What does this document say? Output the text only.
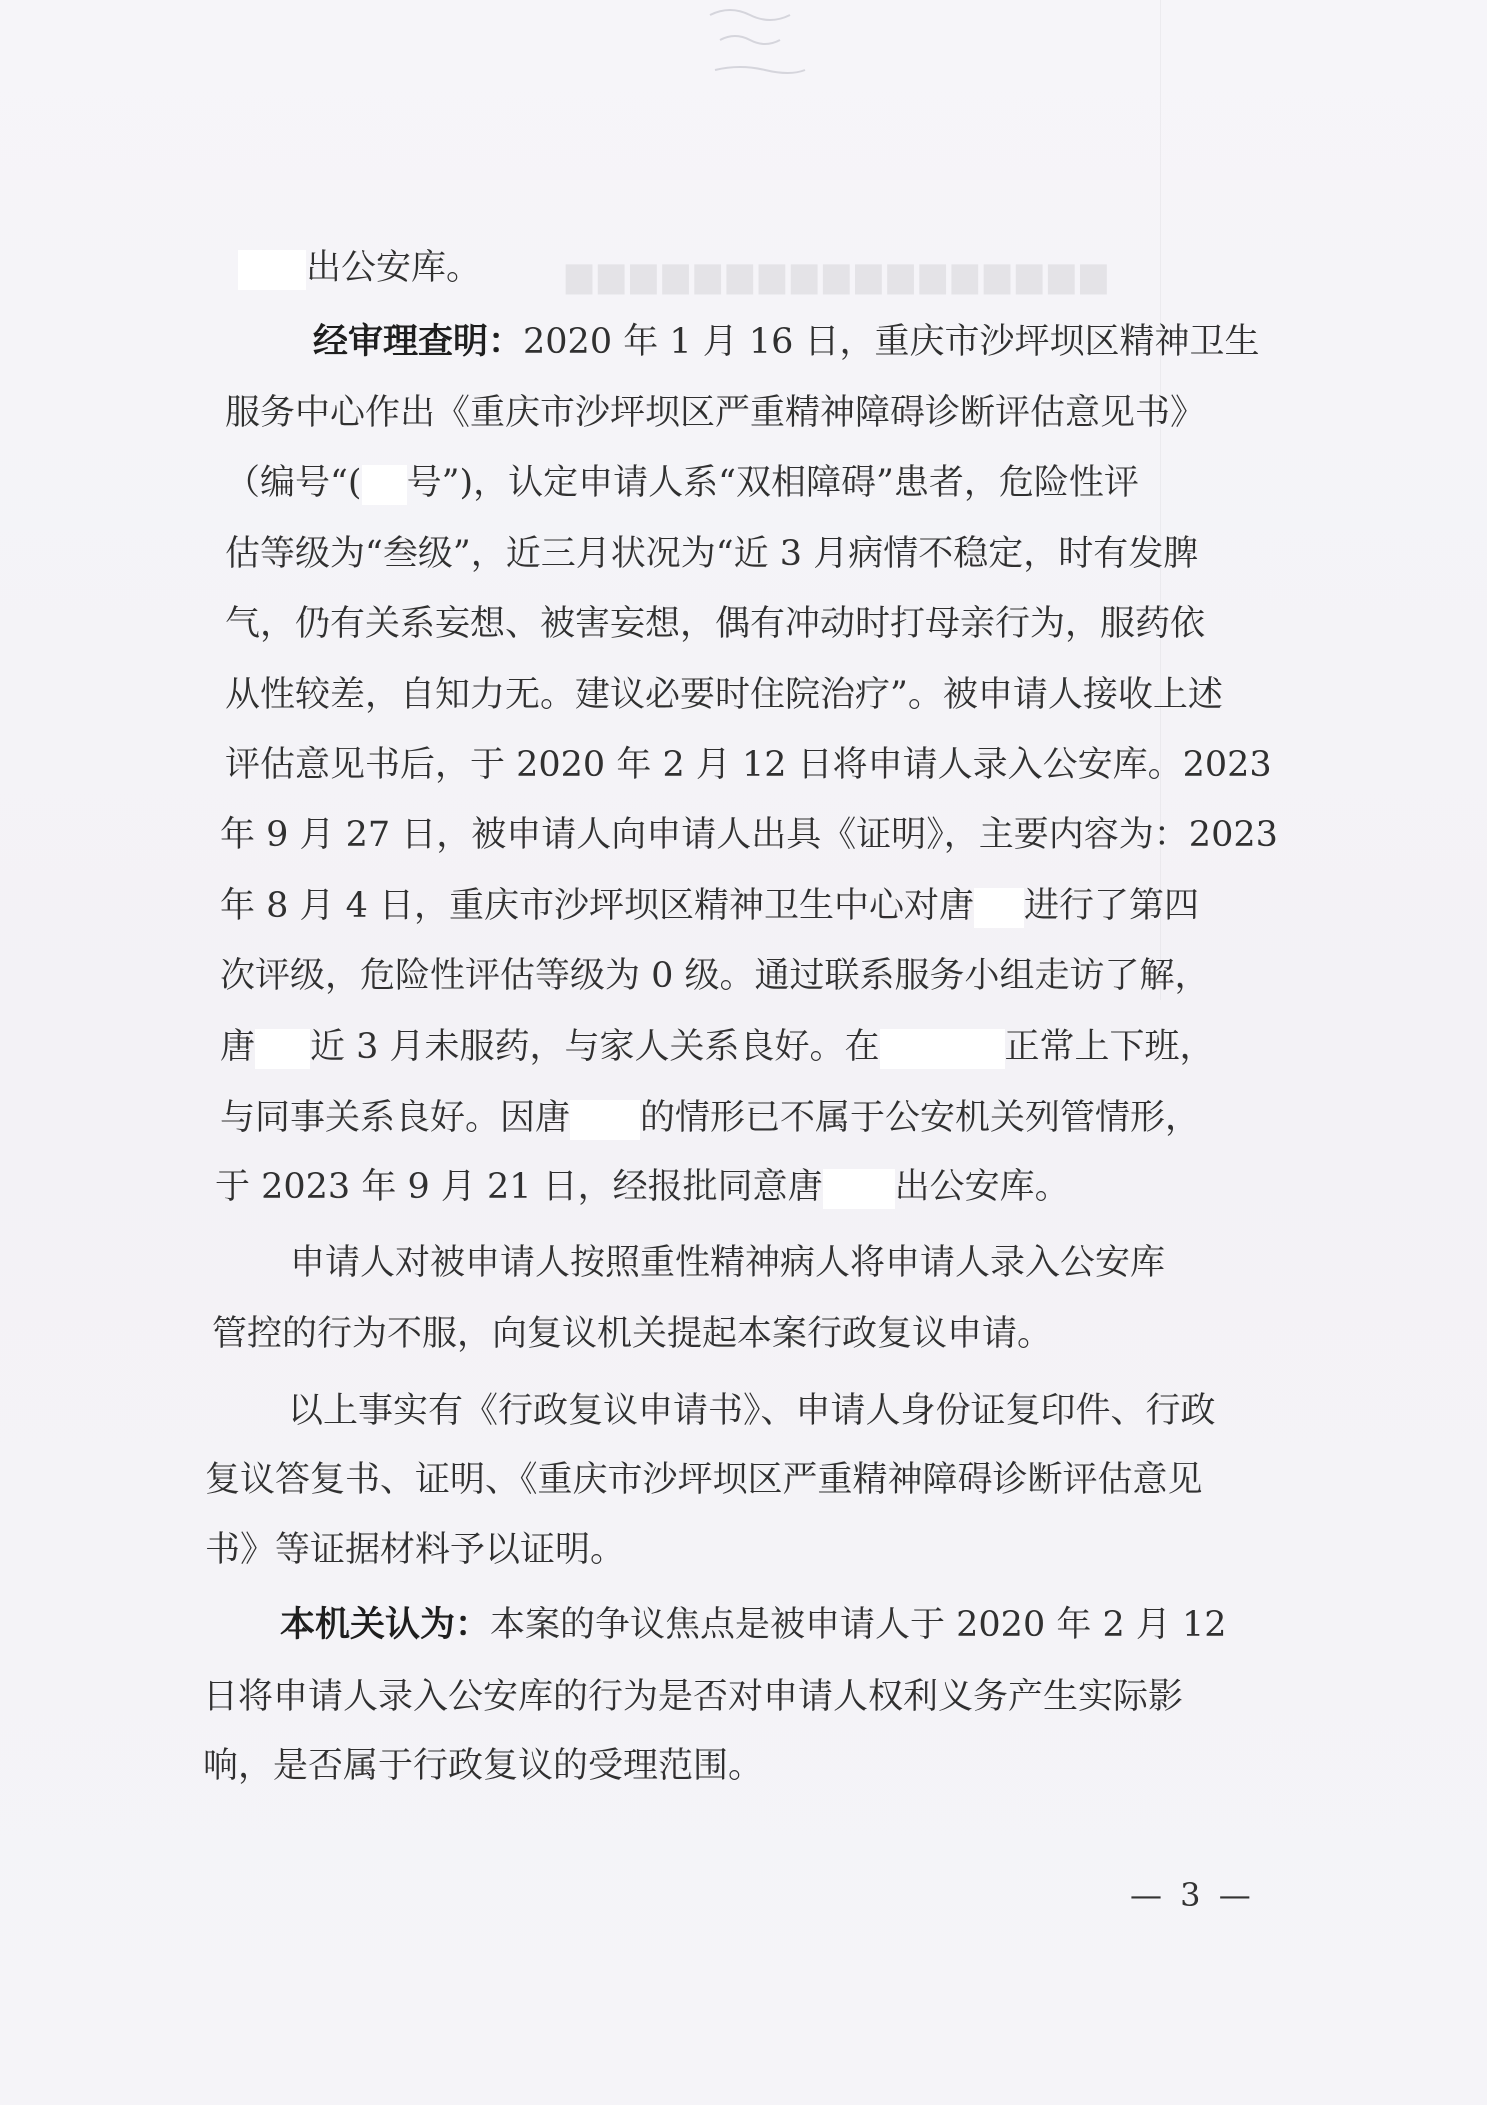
▆▆▆▆▆▆▆▆▆▆▆▆▆▆▆▆▆
出公安库。
经审理查明：2020 年 1 月 16 日，重庆市沙坪坝区精神卫生
服务中心作出《重庆市沙坪坝区严重精神障碍诊断评估意见书》
（编号“( 号”)，认定申请人系“双相障碍”患者，危险性评
估等级为“叁级”，近三月状况为“近 3 月病情不稳定，时有发脾
气，仍有关系妄想、被害妄想，偶有冲动时打母亲行为，服药依
从性较差，自知力无。建议必要时住院治疗”。被申请人接收上述
评估意见书后，于 2020 年 2 月 12 日将申请人录入公安库。2023
年 9 月 27 日，被申请人向申请人出具《证明》，主要内容为：2023
年 8 月 4 日，重庆市沙坪坝区精神卫生中心对唐 进行了第四
次评级，危险性评估等级为 0 级。通过联系服务小组走访了解，
唐 近 3 月未服药，与家人关系良好。在	正常上下班，
与同事关系良好。因唐 的情形已不属于公安机关列管情形，
于 2023 年 9 月 21 日，经报批同意唐 出公安库。
申请人对被申请人按照重性精神病人将申请人录入公安库
管控的行为不服，向复议机关提起本案行政复议申请。
以上事实有《行政复议申请书》、申请人身份证复印件、行政
复议答复书、证明、《重庆市沙坪坝区严重精神障碍诊断评估意见
书》等证据材料予以证明。
本机关认为：本案的争议焦点是被申请人于 2020 年 2 月 12
日将申请人录入公安库的行为是否对申请人权利义务产生实际影
响，是否属于行政复议的受理范围。
— 3 —
